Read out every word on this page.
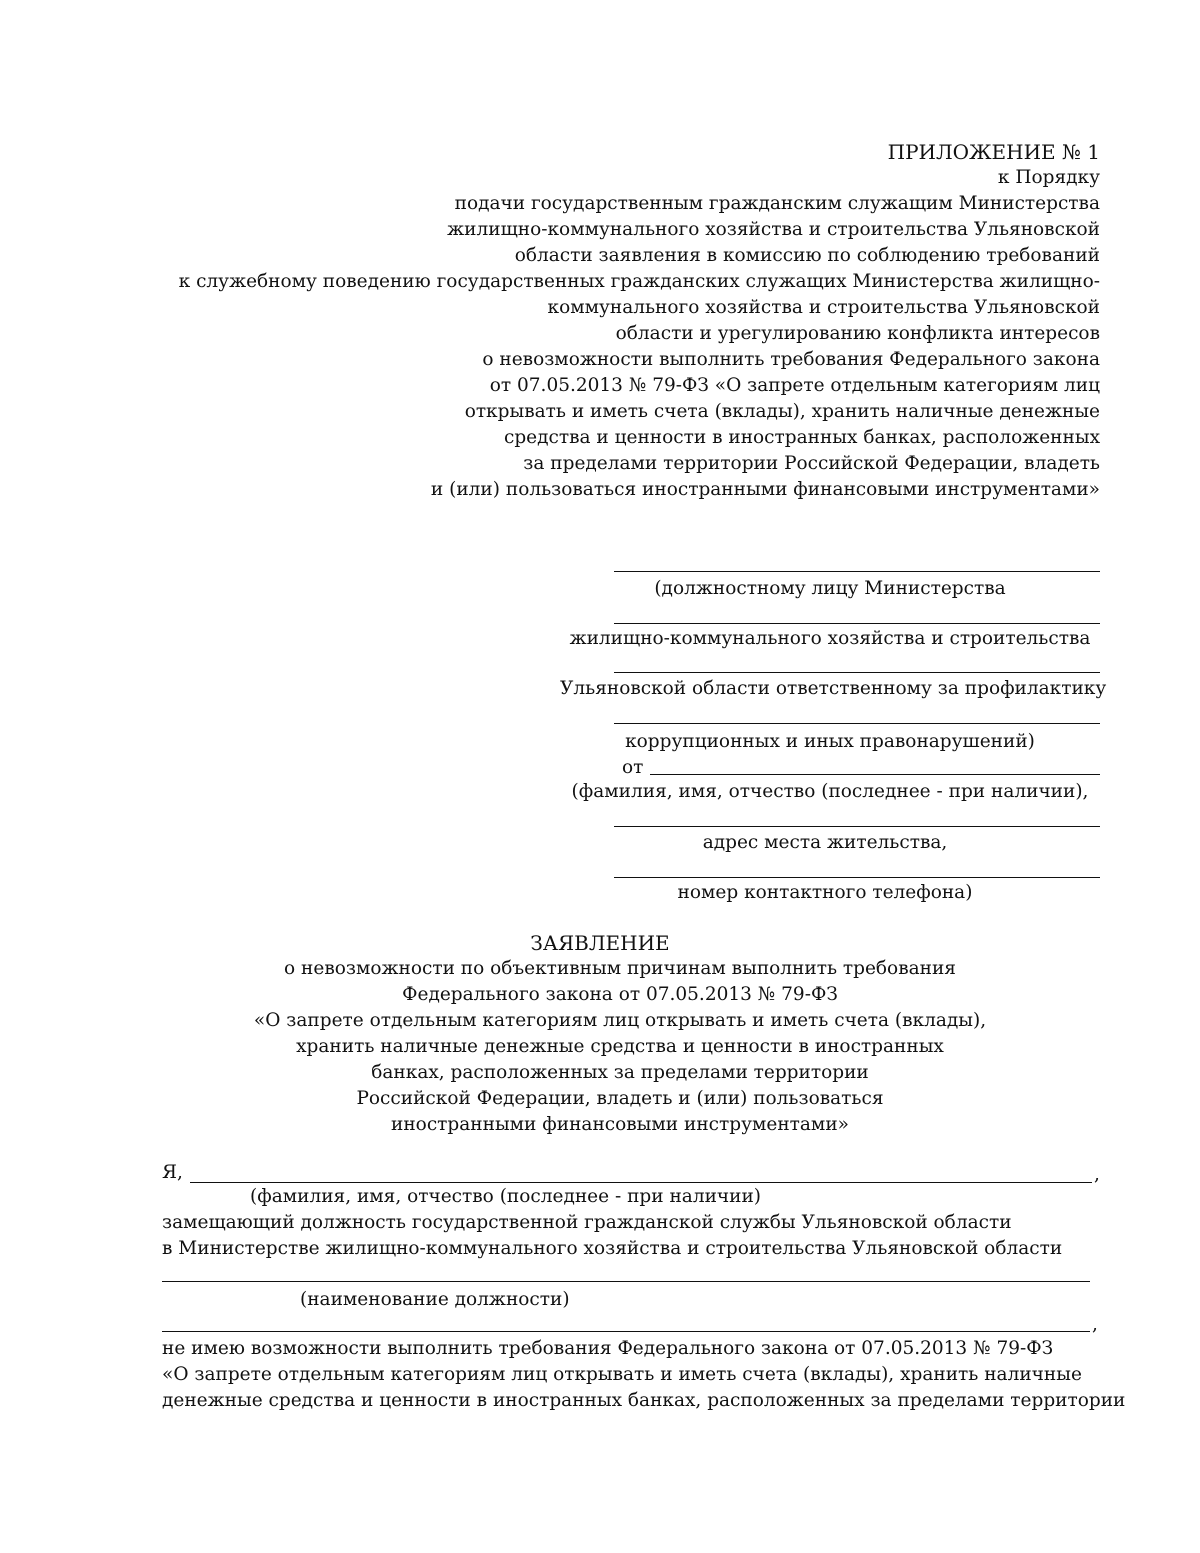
ПРИЛОЖЕНИЕ № 1

к Порядку

подачи государственным гражданским служащим Министерства

жилищно-коммунального хозяйства и строительства Ульяновской

области заявления в комиссию по соблюдению требований

к служебному поведению государственных гражданских служащих Министерства жилищно-

коммунального хозяйства и строительства Ульяновской

области и урегулированию конфликта интересов

о невозможности выполнить требования Федерального закона

от 07.05.2013 № 79-ФЗ «О запрете отдельным категориям лиц

открывать и иметь счета (вклады), хранить наличные денежные

средства и ценности в иностранных банках, расположенных

за пределами территории Российской Федерации, владеть

и (или) пользоваться иностранными финансовыми инструментами»

(должностному лицу Министерства

жилищно-коммунального хозяйства и строительства

Ульяновской области ответственному за профилактику

коррупционных и иных правонарушений)

от

(фамилия, имя, отчество (последнее - при наличии),

адрес места жительства,

номер контактного телефона)

ЗАЯВЛЕНИЕ

о невозможности по объективным причинам выполнить требования

Федерального закона от 07.05.2013 № 79-ФЗ

«О запрете отдельным категориям лиц открывать и иметь счета (вклады),

хранить наличные денежные средства и ценности в иностранных

банках, расположенных за пределами территории

Российской Федерации, владеть и (или) пользоваться

иностранными финансовыми инструментами»

Я,	,

(фамилия, имя, отчество (последнее - при наличии)

замещающий должность государственной гражданской службы Ульяновской области

в Министерстве жилищно-коммунального хозяйства и строительства Ульяновской области

(наименование должности)

,

не имею возможности выполнить требования Федерального закона от 07.05.2013 № 79-ФЗ

«О запрете отдельным категориям лиц открывать и иметь счета (вклады), хранить наличные

денежные средства и ценности в иностранных банках, расположенных за пределами территории
